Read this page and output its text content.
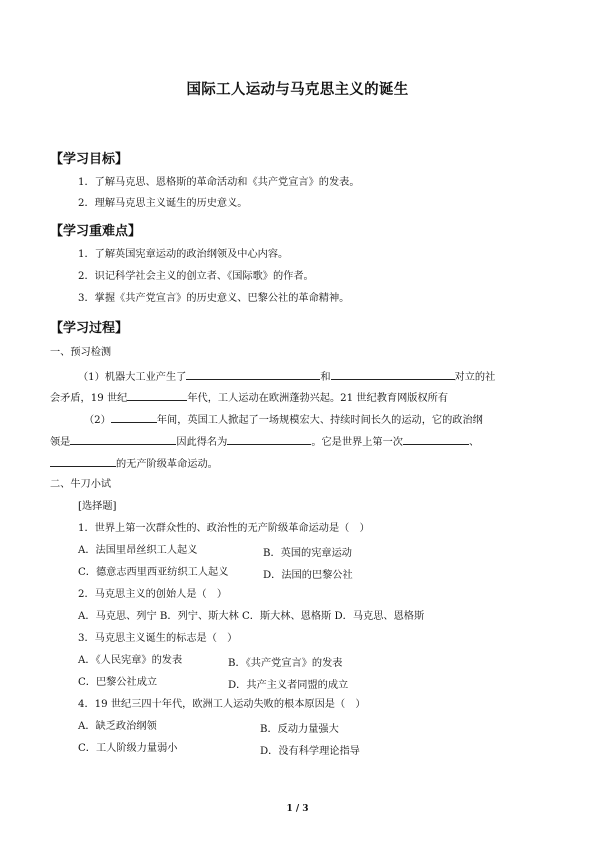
国际工人运动与马克思主义的诞生
【学习目标】
1．了解马克思、恩格斯的革命活动和《共产党宣言》的发表。
2．理解马克思主义诞生的历史意义。
【学习重难点】
1．了解英国宪章运动的政治纲领及中心内容。
2．识记科学社会主义的创立者、《国际歌》的作者。
3．掌握《共产党宣言》的历史意义、巴黎公社的革命精神。
【学习过程】
一、预习检测
（1）机器大工业产生了	和	对立的社
会矛盾，19 世纪	年代，工人运动在欧洲蓬勃兴起。21 世纪教育网版权所有
（2）	年间，英国工人掀起了一场规模宏大、持续时间长久的运动，它的政治纲
领是	因此得名为	。它是世界上第一次	、
的无产阶级革命运动。
二、牛刀小试
[选择题]
1．世界上第一次群众性的、政治性的无产阶级革命运动是（　）
A．法国里昂丝织工人起义	B．英国的宪章运动
C．德意志西里西亚纺织工人起义	D．法国的巴黎公社
2．马克思主义的创始人是（　）
A．马克思、列宁 B．列宁、斯大林 C．斯大林、恩格斯 D．马克思、恩格斯
3．马克思主义诞生的标志是（　）
A．《人民宪章》的发表	B．《共产党宣言》的发表
C．巴黎公社成立	D．共产主义者同盟的成立
4．19 世纪三四十年代，欧洲工人运动失败的根本原因是（　）
A．缺乏政治纲领	B．反动力量强大
C．工人阶级力量弱小	D．没有科学理论指导
1 / 3
